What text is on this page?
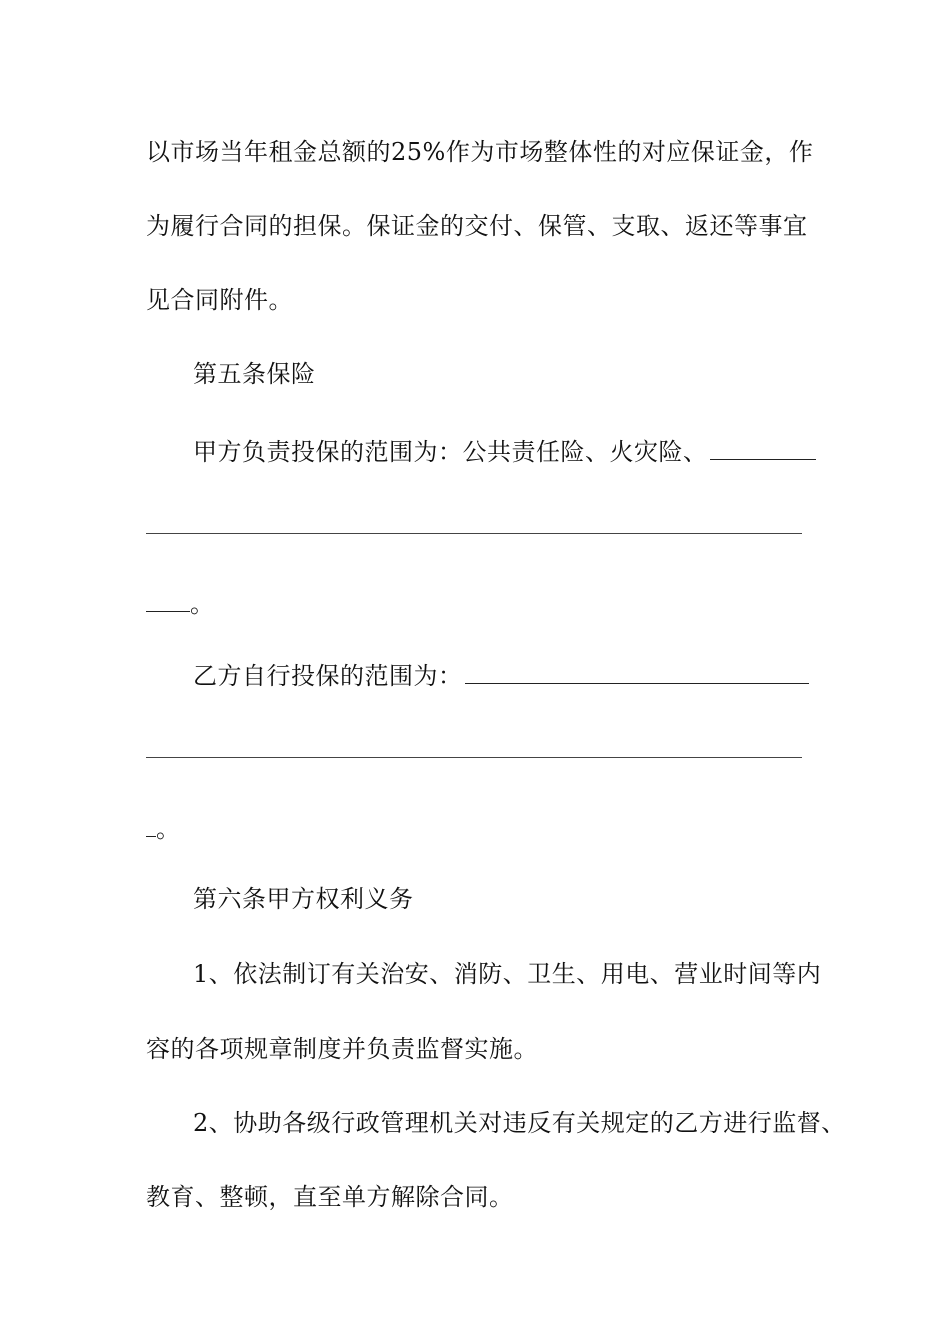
以市场当年租金总额的25%作为市场整体性的对应保证金，作
为履行合同的担保。保证金的交付、保管、支取、返还等事宜
见合同附件。
第五条保险
甲方负责投保的范围为：公共责任险、火灾险、
。
乙方自行投保的范围为：
。
第六条甲方权利义务
1、依法制订有关治安、消防、卫生、用电、营业时间等内
容的各项规章制度并负责监督实施。
2、协助各级行政管理机关对违反有关规定的乙方进行监督、
教育、整顿，直至单方解除合同。
